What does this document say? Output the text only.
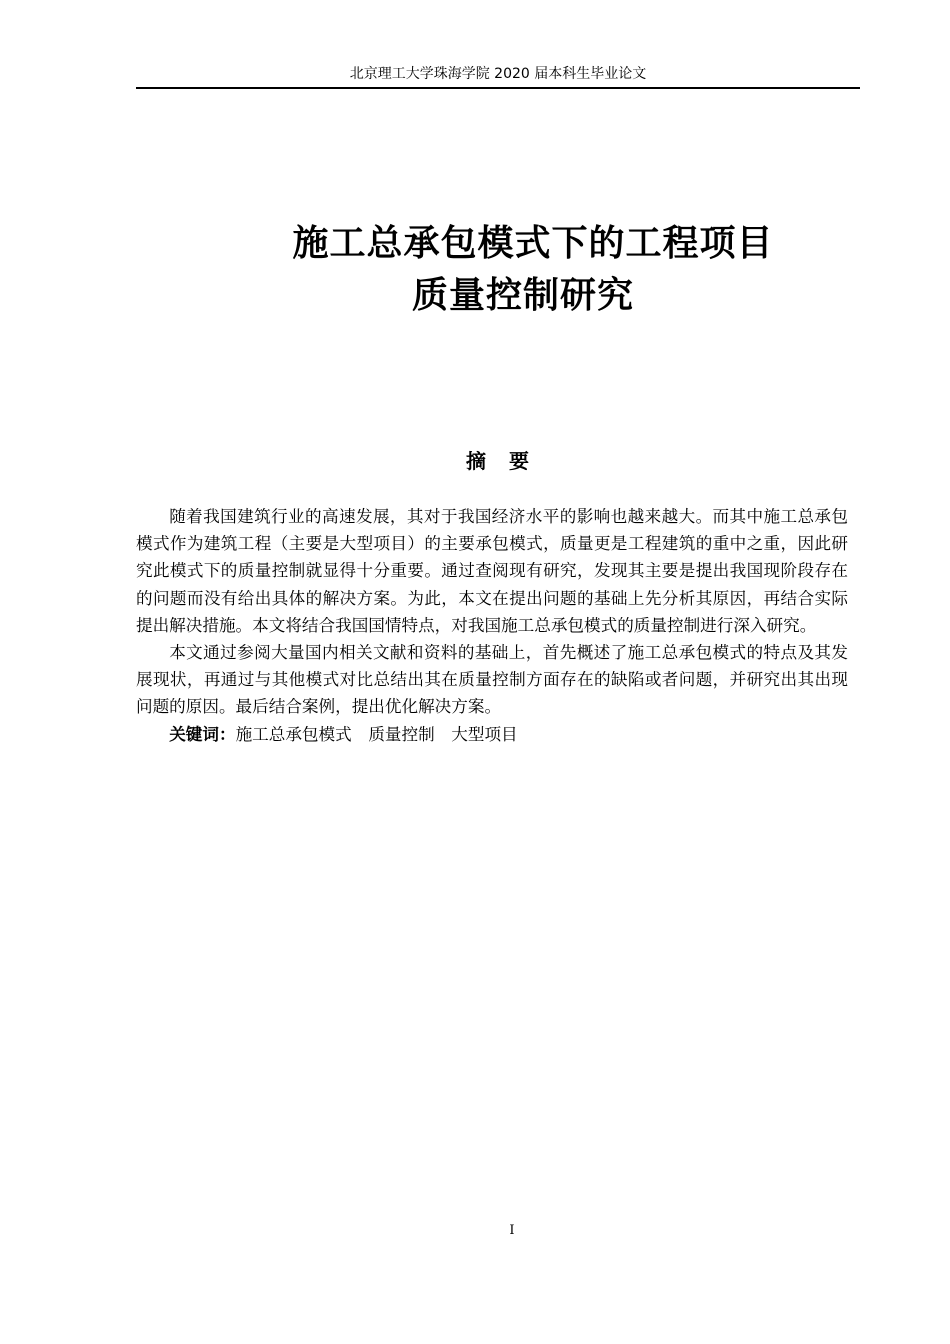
北京理工大学珠海学院 2020 届本科生毕业论文
施工总承包模式下的工程项目
质量控制研究
摘 要

随着我国建筑行业的高速发展，其对于我国经济水平的影响也越来越大。而其中施工总承包模式作为建筑工程（主要是大型项目）的主要承包模式，质量更是工程建筑的重中之重，因此研究此模式下的质量控制就显得十分重要。通过查阅现有研究，发现其主要是提出我国现阶段存在的问题而没有给出具体的解决方案。为此，本文在提出问题的基础上先分析其原因，再结合实际提出解决措施。本文将结合我国国情特点，对我国施工总承包模式的质量控制进行深入研究。

本文通过参阅大量国内相关文献和资料的基础上，首先概述了施工总承包模式的特点及其发展现状，再通过与其他模式对比总结出其在质量控制方面存在的缺陷或者问题，并研究出其出现问题的原因。最后结合案例，提出优化解决方案。

关键词：施工总承包模式 质量控制 大型项目

I
